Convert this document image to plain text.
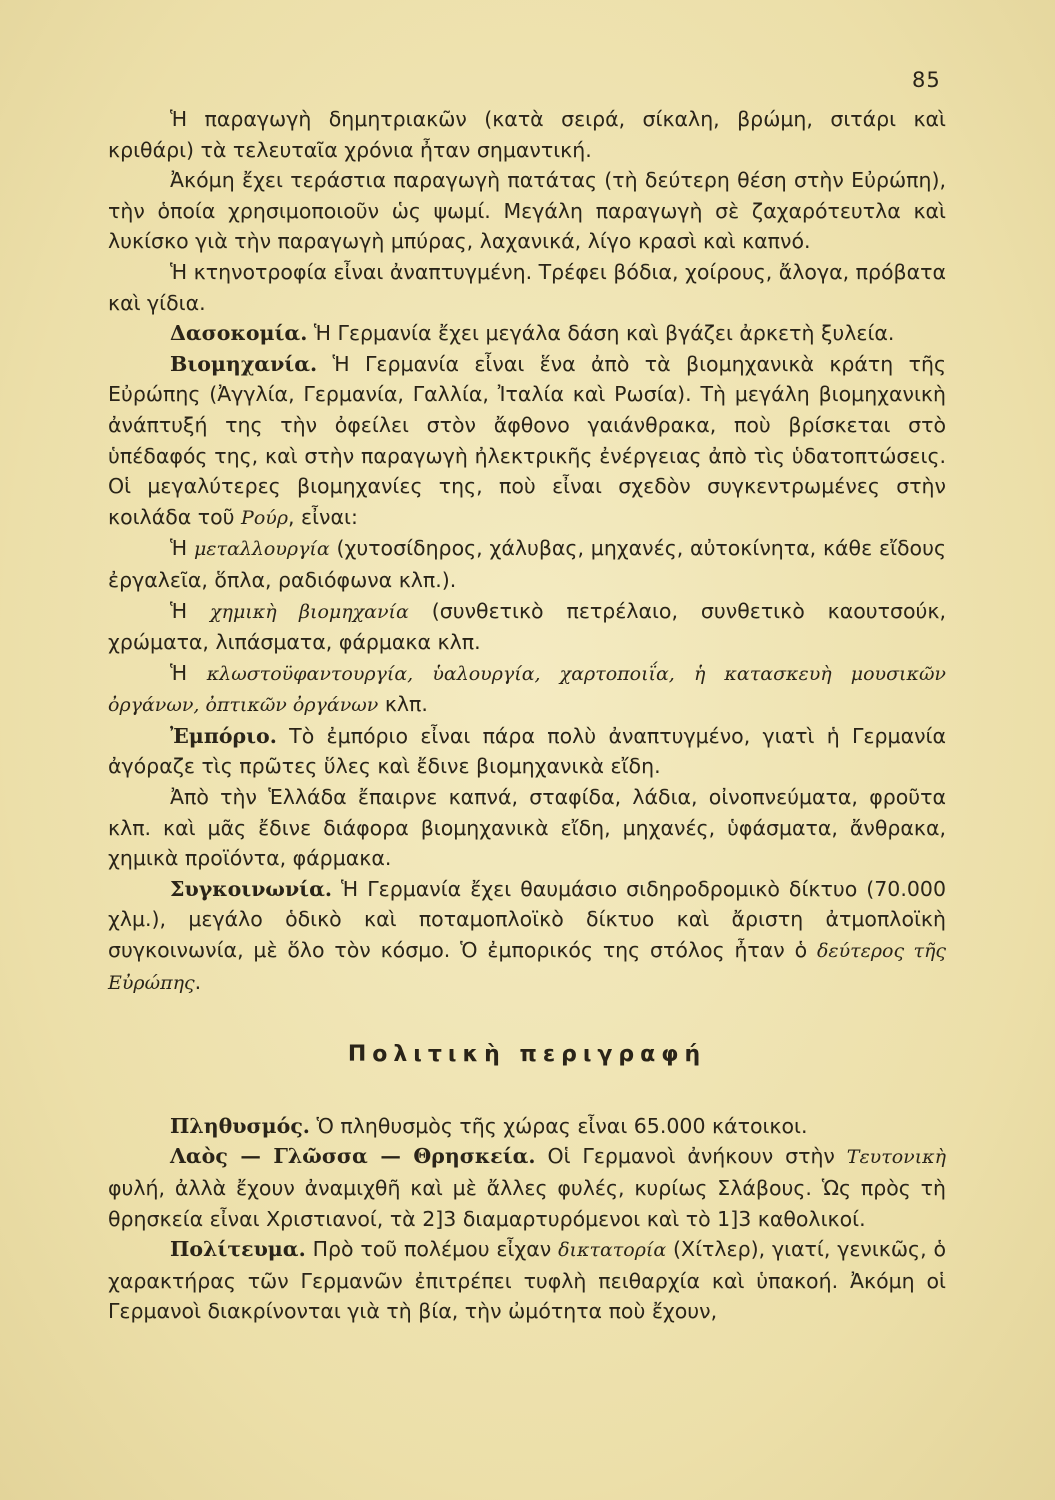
85

Ἡ παραγωγὴ δημητριακῶν (κατὰ σειρά, σίκαλη, βρώμη, σιτάρι καὶ κριθάρι) τὰ τελευταῖα χρόνια ἦταν σημαντική.

Ἀκόμη ἔχει τεράστια παραγωγὴ πατάτας (τὴ δεύτερη θέση στὴν Εὐρώπη), τὴν ὁποία χρησιμοποιοῦν ὡς ψωμί. Μεγάλη παραγωγὴ σὲ ζαχαρότευτλα καὶ λυκίσκο γιὰ τὴν παραγωγὴ μπύρας, λαχανικά, λίγο κρασὶ καὶ καπνό.

Ἡ κτηνοτροφία εἶναι ἀναπτυγμένη. Τρέφει βόδια, χοίρους, ἄλογα, πρόβατα καὶ γίδια.

Δασοκομία. Ἡ Γερμανία ἔχει μεγάλα δάση καὶ βγάζει ἀρκετὴ ξυλεία.

Βιομηχανία. Ἡ Γερμανία εἶναι ἕνα ἀπὸ τὰ βιομηχανικὰ κράτη τῆς Εὐρώπης (Ἀγγλία, Γερμανία, Γαλλία, Ἰταλία καὶ Ρωσία). Τὴ μεγάλη βιομηχανικὴ ἀνάπτυξή της τὴν ὀφείλει στὸν ἄφθονο γαιάνθρακα, ποὺ βρίσκεται στὸ ὑπέδαφός της, καὶ στὴν παραγωγὴ ἠλεκτρικῆς ἐνέργειας ἀπὸ τὶς ὑδατοπτώσεις. Οἱ μεγαλύτερες βιομηχανίες της, ποὺ εἶναι σχεδὸν συγκεντρωμένες στὴν κοιλάδα τοῦ Ρούρ, εἶναι:

Ἡ μεταλλουργία (χυτοσίδηρος, χάλυβας, μηχανές, αὐτοκίνητα, κάθε εἴδους ἐργαλεῖα, ὅπλα, ραδιόφωνα κλπ.).

Ἡ χημικὴ βιομηχανία (συνθετικὸ πετρέλαιο, συνθετικὸ καουτσούκ, χρώματα, λιπάσματα, φάρμακα κλπ.

Ἡ κλωστοϋφαντουργία, ὑαλουργία, χαρτοποιΐα, ἡ κατασκευὴ μουσικῶν ὀργάνων, ὀπτικῶν ὀργάνων κλπ.

Ἐμπόριο. Τὸ ἐμπόριο εἶναι πάρα πολὺ ἀναπτυγμένο, γιατὶ ἡ Γερμανία ἀγόραζε τὶς πρῶτες ὕλες καὶ ἔδινε βιομηχανικὰ εἴδη.

Ἀπὸ τὴν Ἑλλάδα ἔπαιρνε καπνά, σταφίδα, λάδια, οἰνοπνεύματα, φροῦτα κλπ. καὶ μᾶς ἔδινε διάφορα βιομηχανικὰ εἴδη, μηχανές, ὑφάσματα, ἄνθρακα, χημικὰ προϊόντα, φάρμακα.

Συγκοινωνία. Ἡ Γερμανία ἔχει θαυμάσιο σιδηροδρομικὸ δίκτυο (70.000 χλμ.), μεγάλο ὁδικὸ καὶ ποταμοπλοϊκὸ δίκτυο καὶ ἄριστη ἀτμοπλοϊκὴ συγκοινωνία, μὲ ὅλο τὸν κόσμο. Ὁ ἐμπορικός της στόλος ἦταν ὁ δεύτερος τῆς Εὐρώπης.

Πολιτικὴ περιγραφή

Πληθυσμός. Ὁ πληθυσμὸς τῆς χώρας εἶναι 65.000 κάτοικοι.

Λαὸς — Γλῶσσα — Θρησκεία. Οἱ Γερμανοὶ ἀνήκουν στὴν Τευτονικὴ φυλή, ἀλλὰ ἔχουν ἀναμιχθῆ καὶ μὲ ἄλλες φυλές, κυρίως Σλάβους. Ὡς πρὸς τὴ θρησκεία εἶναι Χριστιανοί, τὰ 2]3 διαμαρτυρόμενοι καὶ τὸ 1]3 καθολικοί.

Πολίτευμα. Πρὸ τοῦ πολέμου εἶχαν δικτατορία (Χίτλερ), γιατί, γενικῶς, ὁ χαρακτήρας τῶν Γερμανῶν ἐπιτρέπει τυφλὴ πειθαρχία καὶ ὑπακοή. Ἀκόμη οἱ Γερμανοὶ διακρίνονται γιὰ τὴ βία, τὴν ὠμότητα ποὺ ἔχουν,
